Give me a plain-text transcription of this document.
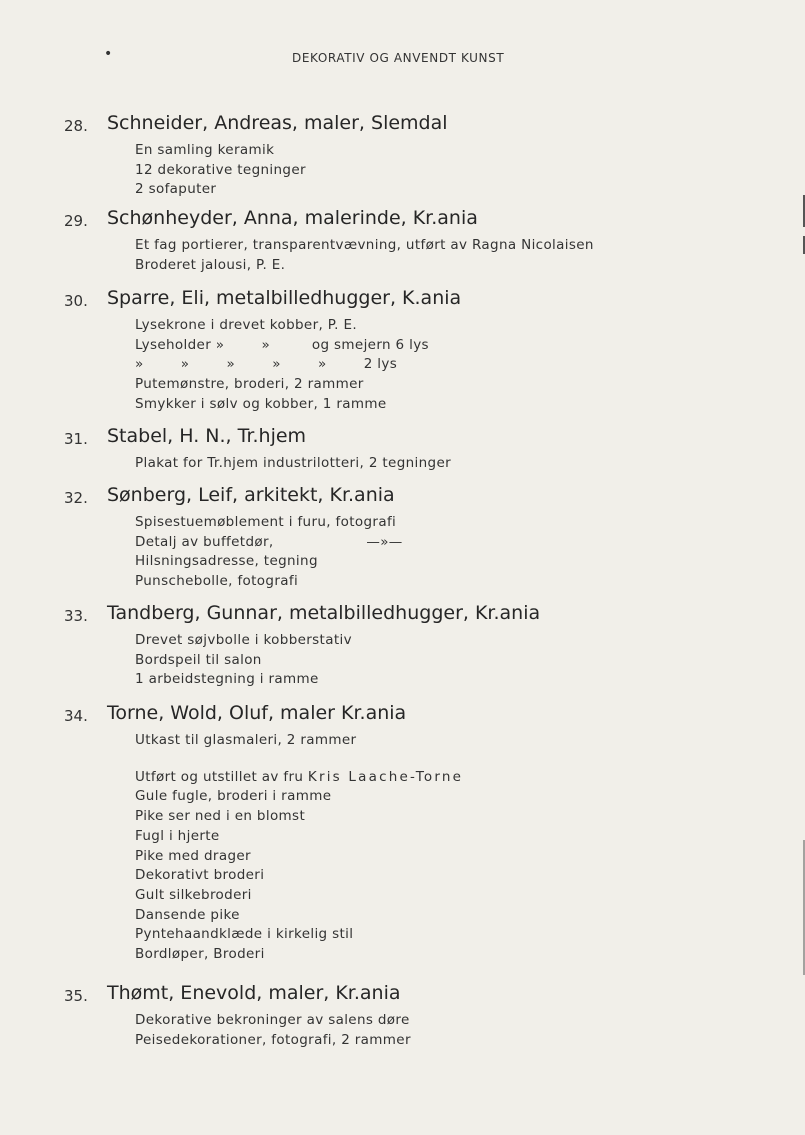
•	DEKORATIV OG ANVENDT KUNST
28. Schneider, Andreas, maler, Slemdal
En samling keramik
12 dekorative tegninger
2 sofaputer
29. Schønheyder, Anna, malerinde, Kr.ania
Et fag portierer, transparentvævning, utført av Ragna Nicolaisen
Broderet jalousi, P. E.
30. Sparre, Eli, metalbilledhugger, K.ania
Lysekrone i drevet kobber, P. E.
Lyseholder »        »         og smejern 6 lys
»        »        »        »        »        2 lys
Putemønstre, broderi, 2 rammer
Smykker i sølv og kobber, 1 ramme
31. Stabel, H. N., Tr.hjem
Plakat for Tr.hjem industrilotteri, 2 tegninger
32. Sønberg, Leif, arkitekt, Kr.ania
Spisestuemøblement i furu, fotografi
Detalj av buffetdør,                    —»—
Hilsningsadresse, tegning
Punschebolle, fotografi
33. Tandberg, Gunnar, metalbilledhugger, Kr.ania
Drevet søjvbolle i kobberstativ
Bordspeil til salon
1 arbeidstegning i ramme
34. Torne, Wold, Oluf, maler Kr.ania
Utkast til glasmaleri, 2 rammer
Utført og utstillet av fru Kris Laache-Torne
Gule fugle, broderi i ramme
Pike ser ned i en blomst
Fugl i hjerte
Pike med drager
Dekorativt broderi
Gult silkebroderi
Dansende pike
Pyntehaandklæde i kirkelig stil
Bordløper, Broderi
35. Thømt, Enevold, maler, Kr.ania
Dekorative bekroninger av salens døre
Peisedekorationer, fotografi, 2 rammer
